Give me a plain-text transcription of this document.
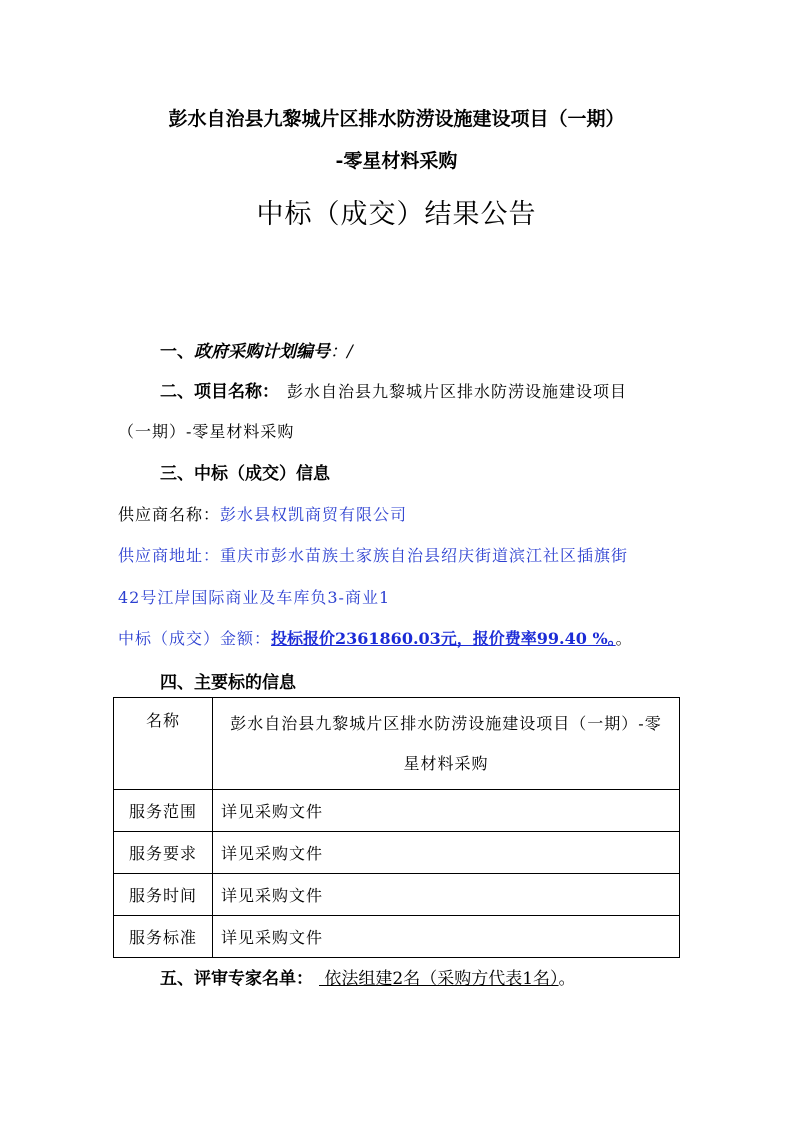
彭水自治县九黎城片区排水防涝设施建设项目（一期）
-零星材料采购
中标（成交）结果公告
一、政府采购计划编号：/
二、项目名称： 彭水自治县九黎城片区排水防涝设施建设项目
（一期）-零星材料采购
三、中标（成交）信息
供应商名称：彭水县权凯商贸有限公司
供应商地址：重庆市彭水苗族土家族自治县绍庆街道滨江社区插旗街
42号江岸国际商业及车库负3-商业1
中标（成交）金额：投标报价2361860.03元，报价费率99.40 %。。
四、主要标的信息
名称	彭水自治县九黎城片区排水防涝设施建设项目（一期）-零
星材料采购

服务范围	详见采购文件
服务要求	详见采购文件
服务时间	详见采购文件
服务标准	详见采购文件
五、评审专家名单： 依法组建2名（采购方代表1名）。
